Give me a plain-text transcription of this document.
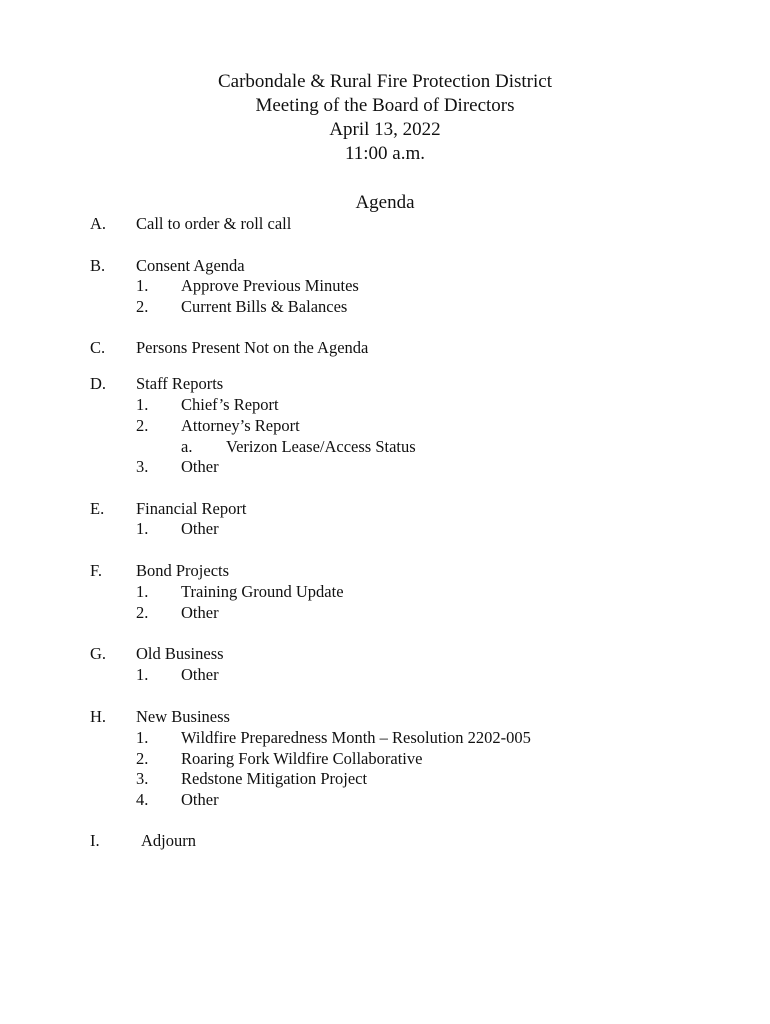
Carbondale & Rural Fire Protection District
Meeting of the Board of Directors
April 13, 2022
11:00 a.m.
Agenda
A. Call to order & roll call
B. Consent Agenda
1. Approve Previous Minutes
2. Current Bills & Balances
C. Persons Present Not on the Agenda
D. Staff Reports
1. Chief’s Report
2. Attorney’s Report
a. Verizon Lease/Access Status
3. Other
E. Financial Report
1. Other
F. Bond Projects
1. Training Ground Update
2. Other
G. Old Business
1. Other
H. New Business
1. Wildfire Preparedness Month – Resolution 2202-005
2. Roaring Fork Wildfire Collaborative
3. Redstone Mitigation Project
4. Other
I.	Adjourn
